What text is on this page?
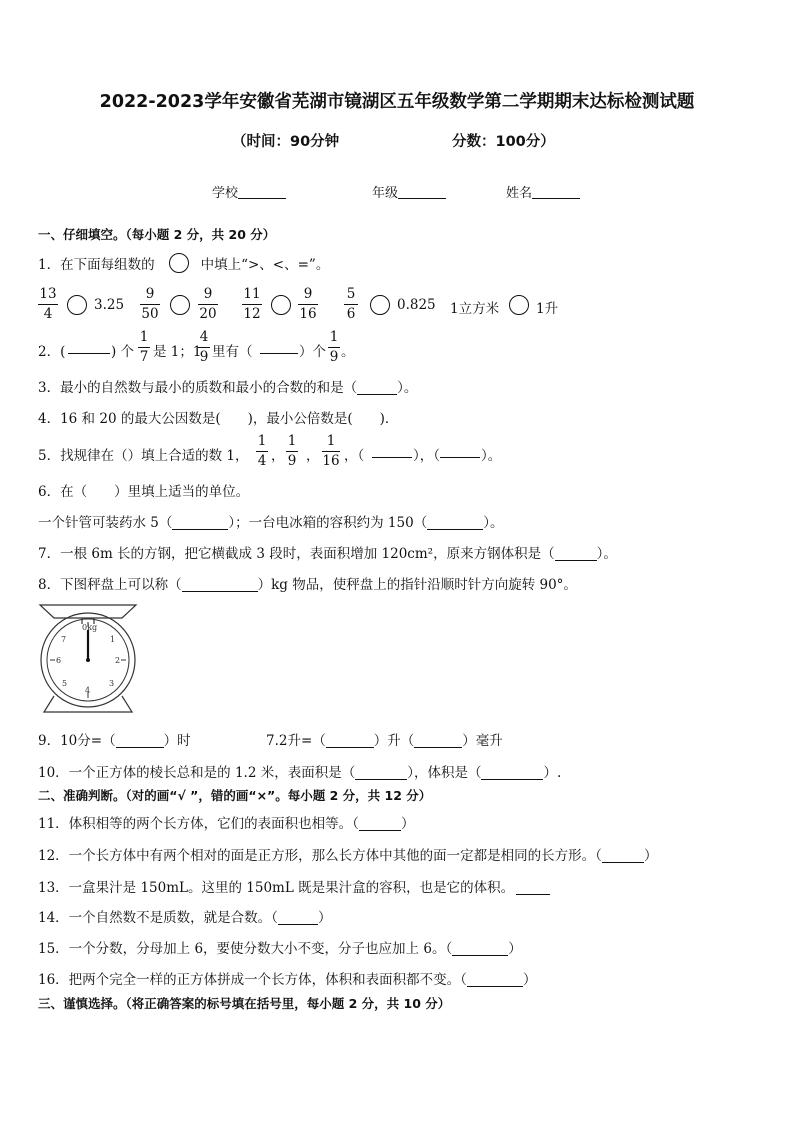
2022-2023学年安徽省芜湖市镜湖区五年级数学第二学期期末达标检测试题
（时间：90分钟	分数：100分）
学校	年级	姓名
一、仔细填空。（每小题 2 分，共 20 分）
1．在下面每组数的	中填上“>、<、=”。
13
4
3.25
9
50
9
20
11
12
9
16
5
6
0.825 1立方米	1升
2．(	) 个
1
7 是 1；1
4
9 里有（	）个
1
9 。
3．最小的自然数与最小的质数和最小的合数的和是（	）。
4．16 和 20 的最大公因数是(　　)，最小公倍数是(　　)．
5．找规律在（）填上合适的数 1，
1
4 ，
1
9 ，
1
16 ，（	），（	）。
6．在（　　）里填上适当的单位。
一个针管可装药水 5（	）；一台电冰箱的容积约为 150（	）。
7．一根 6m 长的方钢，把它横截成 3 段时，表面积增加 120cm²，原来方钢体积是（	）。
8．下图秤盘上可以称（	）kg 物品，使秤盘上的指针沿顺时针方向旋转 90°。
0kg
7
6
5
4
3
2
1
9．10分=（	）时	7.2升=（	）升（	）毫升
10．一个正方体的棱长总和是的 1.2 米，表面积是（	），体积是（	）.
二、准确判断。（对的画“√ ”，错的画“×”。每小题 2 分，共 12 分）
11．体积相等的两个长方体，它们的表面积也相等。（	）
12．一个长方体中有两个相对的面是正方形，那么长方体中其他的面一定都是相同的长方形。（	）
13．一盒果汁是 150mL。这里的 150mL 既是果汁盒的容积，也是它的体积。
14．一个自然数不是质数，就是合数。（	）
15．一个分数，分母加上 6，要使分数大小不变，分子也应加上 6。（	）
16．把两个完全一样的正方体拼成一个长方体，体积和表面积都不变。（	）
三、谨慎选择。（将正确答案的标号填在括号里，每小题 2 分，共 10 分）
